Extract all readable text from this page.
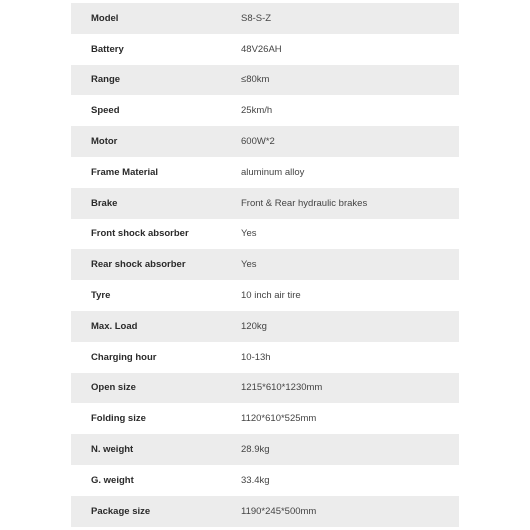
Model	S8-S-Z
Battery	48V26AH
Range	≤80km
Speed	25km/h
Motor	600W*2
Frame Material	aluminum alloy
Brake	Front & Rear hydraulic brakes
Front shock absorber	Yes
Rear shock absorber	Yes
Tyre	10 inch air tire
Max. Load	120kg
Charging hour	10-13h
Open size	1215*610*1230mm
Folding size	1120*610*525mm
N. weight	28.9kg
G. weight	33.4kg
Package size	1190*245*500mm
